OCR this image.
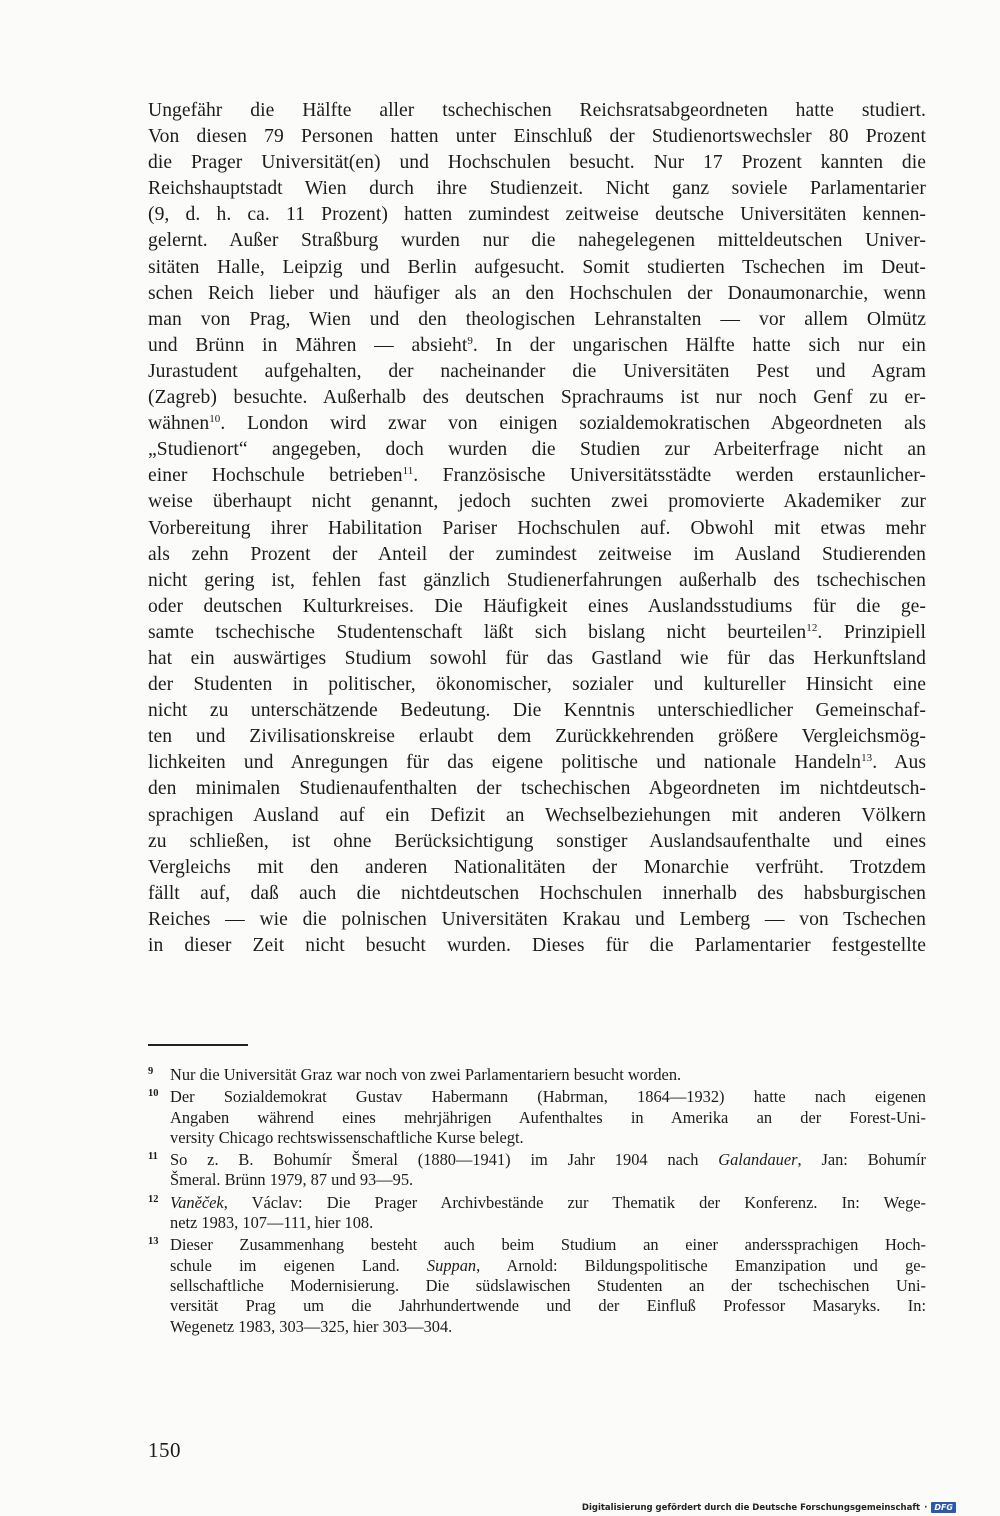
Ungefähr die Hälfte aller tschechischen Reichsratsabgeordneten hatte studiert.
Von diesen 79 Personen hatten unter Einschluß der Studienortswechsler 80 Prozent
die Prager Universität(en) und Hochschulen besucht. Nur 17 Prozent kannten die
Reichshauptstadt Wien durch ihre Studienzeit. Nicht ganz soviele Parlamentarier
(9, d. h. ca. 11 Prozent) hatten zumindest zeitweise deutsche Universitäten kennen-
gelernt. Außer Straßburg wurden nur die nahegelegenen mitteldeutschen Univer-
sitäten Halle, Leipzig und Berlin aufgesucht. Somit studierten Tschechen im Deut-
schen Reich lieber und häufiger als an den Hochschulen der Donaumonarchie, wenn
man von Prag, Wien und den theologischen Lehranstalten — vor allem Olmütz
und Brünn in Mähren — absieht$^9$. In der ungarischen Hälfte hatte sich nur ein
Jurastudent aufgehalten, der nacheinander die Universitäten Pest und Agram
(Zagreb) besuchte. Außerhalb des deutschen Sprachraums ist nur noch Genf zu er-
wähnen$^{10}$. London wird zwar von einigen sozialdemokratischen Abgeordneten als
„Studienort“ angegeben, doch wurden die Studien zur Arbeiterfrage nicht an
einer Hochschule betrieben$^{11}$. Französische Universitätsstädte werden erstaunlicher-
weise überhaupt nicht genannt, jedoch suchten zwei promovierte Akademiker zur
Vorbereitung ihrer Habilitation Pariser Hochschulen auf. Obwohl mit etwas mehr
als zehn Prozent der Anteil der zumindest zeitweise im Ausland Studierenden
nicht gering ist, fehlen fast gänzlich Studienerfahrungen außerhalb des tschechischen
oder deutschen Kulturkreises. Die Häufigkeit eines Auslandsstudiums für die ge-
samte tschechische Studentenschaft läßt sich bislang nicht beurteilen$^{12}$. Prinzipiell
hat ein auswärtiges Studium sowohl für das Gastland wie für das Herkunftsland
der Studenten in politischer, ökonomischer, sozialer und kultureller Hinsicht eine
nicht zu unterschätzende Bedeutung. Die Kenntnis unterschiedlicher Gemeinschaf-
ten und Zivilisationskreise erlaubt dem Zurückkehrenden größere Vergleichsmög-
lichkeiten und Anregungen für das eigene politische und nationale Handeln$^{13}$. Aus
den minimalen Studienaufenthalten der tschechischen Abgeordneten im nichtdeutsch-
sprachigen Ausland auf ein Defizit an Wechselbeziehungen mit anderen Völkern
zu schließen, ist ohne Berücksichtigung sonstiger Auslandsaufenthalte und eines
Vergleichs mit den anderen Nationalitäten der Monarchie verfrüht. Trotzdem
fällt auf, daß auch die nichtdeutschen Hochschulen innerhalb des habsburgischen
Reiches — wie die polnischen Universitäten Krakau und Lemberg — von Tschechen
in dieser Zeit nicht besucht wurden. Dieses für die Parlamentarier festgestellte
9 Nur die Universität Graz war noch von zwei Parlamentariern besucht worden.
10 Der Sozialdemokrat Gustav Habermann (Habrman, 1864—1932) hatte nach eigenen
Angaben während eines mehrjährigen Aufenthaltes in Amerika an der Forest-Uni-
versity Chicago rechtswissenschaftliche Kurse belegt.
11 So z. B. Bohumír Šmeral (1880—1941) im Jahr 1904 nach Galandauer, Jan: Bohumír
Šmeral. Brünn 1979, 87 und 93—95.
12 Vaněček, Václav: Die Prager Archivbestände zur Thematik der Konferenz. In: Wege-
netz 1983, 107—111, hier 108.
13 Dieser Zusammenhang besteht auch beim Studium an einer anderssprachigen Hoch-
schule im eigenen Land. Suppan, Arnold: Bildungspolitische Emanzipation und ge-
sellschaftliche Modernisierung. Die südslawischen Studenten an der tschechischen Uni-
versität Prag um die Jahrhundertwende und der Einfluß Professor Masaryks. In:
Wegenetz 1983, 303—325, hier 303—304.
150
Digitalisierung gefördert durch die Deutsche Forschungsgemeinschaft · DFG
